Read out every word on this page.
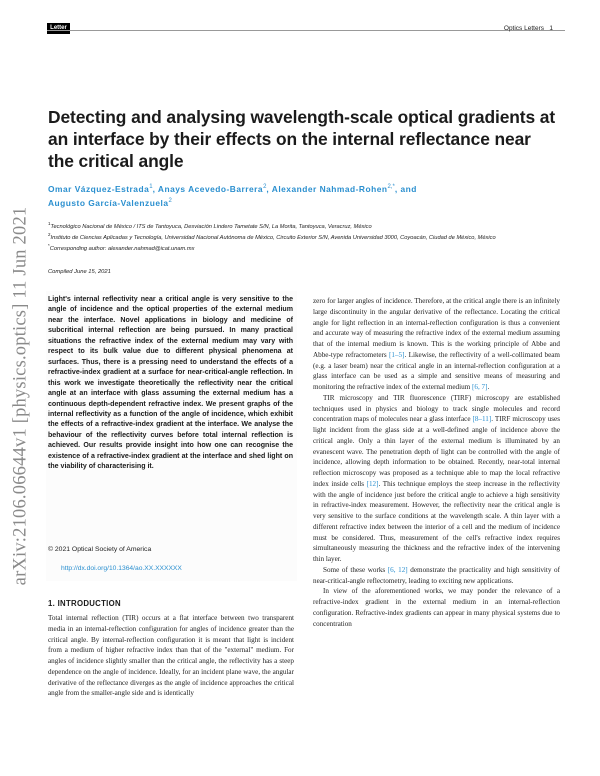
Letter	Optics Letters 1
arXiv:2106.06644v1 [physics.optics] 11 Jun 2021
Detecting and analysing wavelength-scale optical gradients at an interface by their effects on the internal reflectance near the critical angle
Omar Vázquez-Estrada$^1$, Anays Acevedo-Barrera$^2$, Alexander Nahmad-Rohen$^{2,*}$, and
Augusto García-Valenzuela$^2$

$^1$Tecnológico Nacional de México / ITS de Tantoyuca, Desviación Lindero Tametate S/N, La Morita, Tantoyuca, Veracruz, México

$^2$Instituto de Ciencias Aplicadas y Tecnología, Universidad Nacional Autónoma de México, Circuito Exterior S/N, Avenida Universidad 3000, Coyoacán, Ciudad de México, México

*Corresponding author: alexander.nahmad@icat.unam.mx

Compiled June 15, 2021
Light's internal reflectivity near a critical angle is very sensitive to the angle of incidence and the optical properties of the external medium near the interface. Novel applications in biology and medicine of subcritical internal reflection are being pursued. In many practical situations the refractive index of the external medium may vary with respect to its bulk value due to different physical phenomena at surfaces. Thus, there is a pressing need to understand the effects of a refractive-index gradient at a surface for near-critical-angle reflection. In this work we investigate theoretically the reflectivity near the critical angle at an interface with glass assuming the external medium has a continuous depth-dependent refractive index. We present graphs of the internal reflectivity as a function of the angle of incidence, which exhibit the effects of a refractive-index gradient at the interface. We analyse the behaviour of the reflectivity curves before total internal reflection is achieved. Our results provide insight into how one can recognise the existence of a refractive-index gradient at the interface and shed light on the viability of characterising it.
© 2021 Optical Society of America
http://dx.doi.org/10.1364/ao.XX.XXXXXX
1. INTRODUCTION

Total internal reflection (TIR) occurs at a flat interface between two transparent media in an internal-reflection configuration for angles of incidence greater than the critical angle. By internal-reflection configuration it is meant that light is incident from a medium of higher refractive index than that of the "external" medium. For angles of incidence slightly smaller than the critical angle, the reflectivity has a steep dependence on the angle of incidence. Ideally, for an incident plane wave, the angular derivative of the reflectance diverges as the angle of incidence approaches the critical angle from the smaller-angle side and is identically

zero for larger angles of incidence. Therefore, at the critical angle there is an infinitely large discontinuity in the angular derivative of the reflectance. Locating the critical angle for light reflection in an internal-reflection configuration is thus a convenient and accurate way of measuring the refractive index of the external medium assuming that of the internal medium is known. This is the working principle of Abbe and Abbe-type refractometers [1–5]. Likewise, the reflectivity of a well-collimated beam (e.g. a laser beam) near the critical angle in an internal-reflection configuration at a glass interface can be used as a simple and sensitive means of measuring and monitoring the refractive index of the external medium [6, 7].

TIR microscopy and TIR fluorescence (TIRF) microscopy are established techniques used in physics and biology to track single molecules and record concentration maps of molecules near a glass interface [8–11]. TIRF microscopy uses light incident from the glass side at a well-defined angle of incidence above the critical angle. Only a thin layer of the external medium is illuminated by an evanescent wave. The penetration depth of light can be controlled with the angle of incidence, allowing depth information to be obtained. Recently, near-total internal reflection microscopy was proposed as a technique able to map the local refractive index inside cells [12]. This technique employs the steep increase in the reflectivity with the angle of incidence just before the critical angle to achieve a high sensitivity in refractive-index measurement. However, the reflectivity near the critical angle is very sensitive to the surface conditions at the wavelength scale. A thin layer with a different refractive index between the interior of a cell and the medium of incidence must be considered. Thus, measurement of the cell's refractive index requires simultaneously measuring the thickness and the refractive index of the intervening thin layer.

Some of these works [6, 12] demonstrate the practicality and high sensitivity of near-critical-angle reflectometry, leading to exciting new applications.

In view of the aforementioned works, we may ponder the relevance of a refractive-index gradient in the external medium in an internal-reflection configuration. Refractive-index gradients can appear in many physical systems due to concentration
